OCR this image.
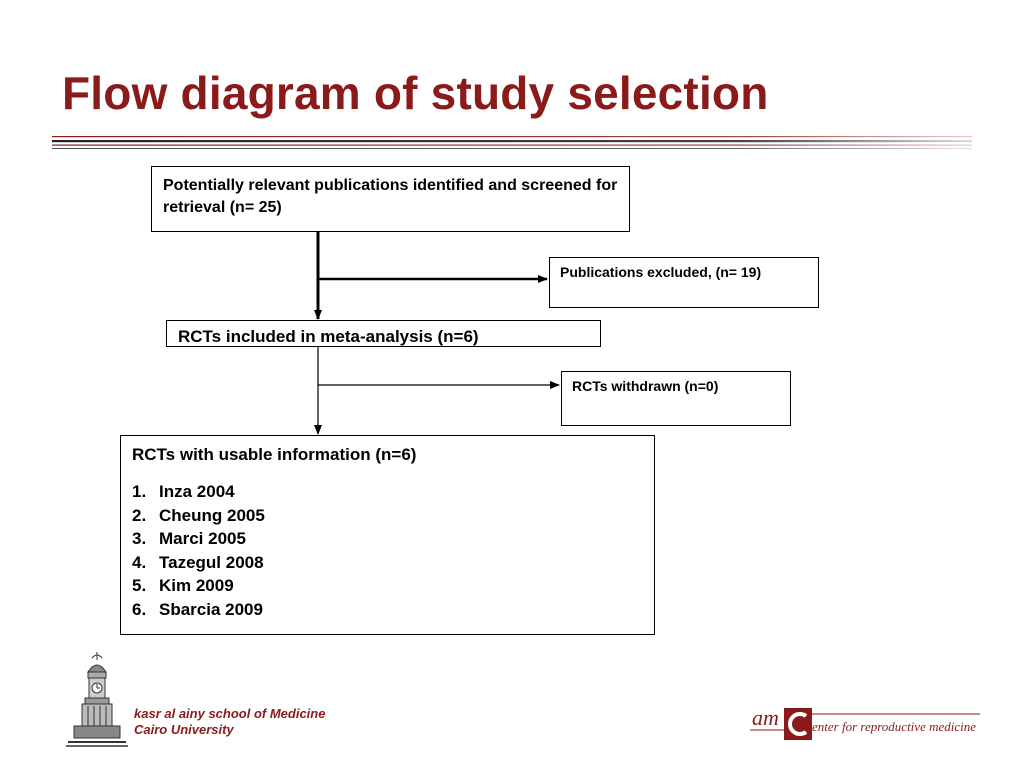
Flow diagram of study selection
Potentially relevant publications identified and screened for retrieval (n= 25)
Publications excluded, (n= 19)
RCTs included in meta-analysis (n=6)
RCTs withdrawn (n=0)

RCTs with usable information (n=6)

1. Inza 2004
2. Cheung 2005
3. Marci 2005
4. Tazegul 2008
5. Kim 2009
6. Sbarcia 2009
kasr al ainy school of Medicine
Cairo University	am	enter for reproductive medicine
